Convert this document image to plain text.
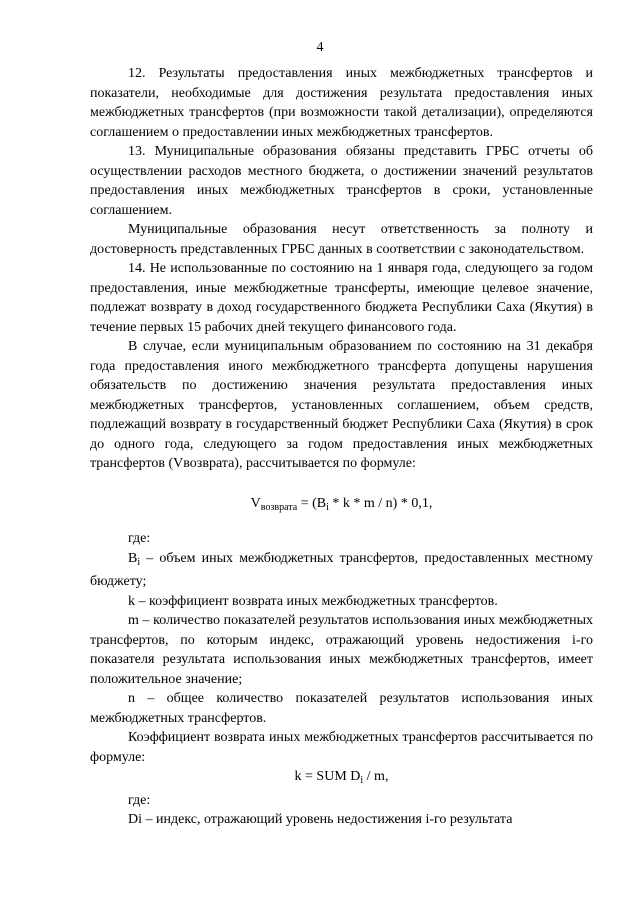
4

12. Результаты предоставления иных межбюджетных трансфертов и показатели, необходимые для достижения результата предоставления иных межбюджетных трансфертов (при возможности такой детализации), определяются соглашением о предоставлении иных межбюджетных трансфертов.

13. Муниципальные образования обязаны представить ГРБС отчеты об осуществлении расходов местного бюджета, о достижении значений результатов предоставления иных межбюджетных трансфертов в сроки, установленные соглашением.

Муниципальные образования несут ответственность за полноту и достоверность представленных ГРБС данных в соответствии с законодательством.

14. Не использованные по состоянию на 1 января года, следующего за годом предоставления, иные межбюджетные трансферты, имеющие целевое значение, подлежат возврату в доход государственного бюджета Республики Саха (Якутия) в течение первых 15 рабочих дней текущего финансового года.

В случае, если муниципальным образованием по состоянию на 31 декабря года предоставления иного межбюджетного трансферта допущены нарушения обязательств по достижению значения результата предоставления иных межбюджетных трансфертов, установленных соглашением, объем средств, подлежащий возврату в государственный бюджет Республики Саха (Якутия) в срок до одного года, следующего за годом предоставления иных межбюджетных трансфертов (Vвозврата), рассчитывается по формуле:

$V_{возврата} = (B_i * k * m / n) * 0,1$,

где:

$B_i$ – объем иных межбюджетных трансфертов, предоставленных местному бюджету;

k – коэффициент возврата иных межбюджетных трансфертов.

m – количество показателей результатов использования иных межбюджетных трансфертов, по которым индекс, отражающий уровень недостижения i-го показателя результата использования иных межбюджетных трансфертов, имеет положительное значение;

n – общее количество показателей результатов использования иных межбюджетных трансфертов.

Коэффициент возврата иных межбюджетных трансфертов рассчитывается по формуле:

k = SUM $D_i$ / m,

где:

Di – индекс, отражающий уровень недостижения i-го результата
